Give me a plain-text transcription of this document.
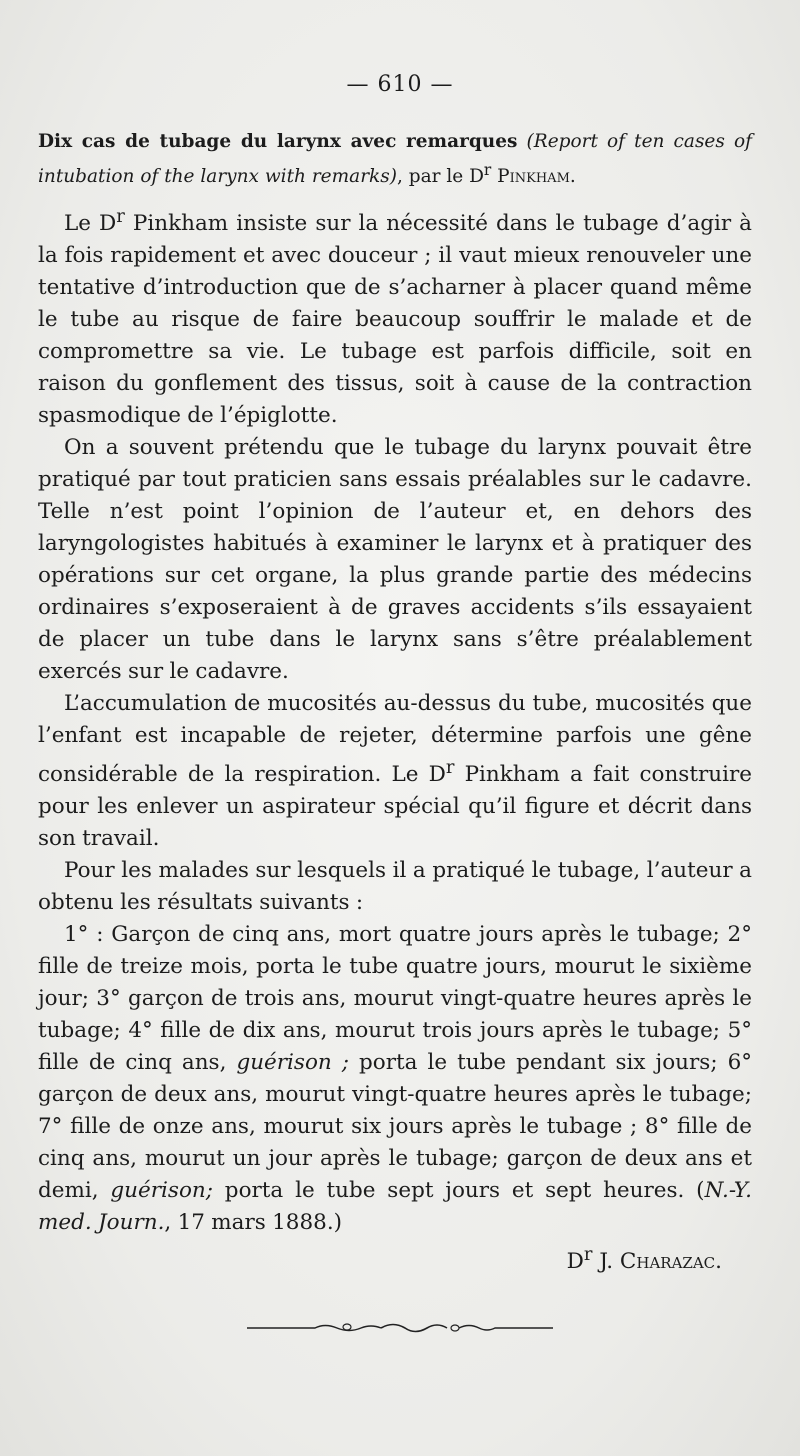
— 610 —
Dix cas de tubage du larynx avec remarques (Report of ten cases of intubation of the larynx with remarks), par le $D^r$ Pinkham.

Le $D^r$ Pinkham insiste sur la nécessité dans le tubage d’agir à la fois rapidement et avec douceur ; il vaut mieux renouveler une tentative d’introduction que de s’acharner à placer quand même le tube au risque de faire beaucoup souffrir le malade et de compromettre sa vie. Le tubage est parfois difficile, soit en raison du gonflement des tissus, soit à cause de la contraction spasmodique de l’épiglotte.

On a souvent prétendu que le tubage du larynx pouvait être pratiqué par tout praticien sans essais préalables sur le cadavre. Telle n’est point l’opinion de l’auteur et, en dehors des laryngologistes habitués à examiner le larynx et à pratiquer des opérations sur cet organe, la plus grande partie des médecins ordinaires s’exposeraient à de graves accidents s’ils essayaient de placer un tube dans le larynx sans s’être préalablement exercés sur le cadavre.

L’accumulation de mucosités au-dessus du tube, mucosités que l’enfant est incapable de rejeter, détermine parfois une gêne considérable de la respiration. Le $D^r$ Pinkham a fait construire pour les enlever un aspirateur spécial qu’il figure et décrit dans son travail.

Pour les malades sur lesquels il a pratiqué le tubage, l’auteur a obtenu les résultats suivants :

1° : Garçon de cinq ans, mort quatre jours après le tubage; 2° fille de treize mois, porta le tube quatre jours, mourut le sixième jour; 3° garçon de trois ans, mourut vingt-quatre heures après le tubage; 4° fille de dix ans, mourut trois jours après le tubage; 5° fille de cinq ans, guérison ; porta le tube pendant six jours; 6° garçon de deux ans, mourut vingt-quatre heures après le tubage; 7° fille de onze ans, mourut six jours après le tubage ; 8° fille de cinq ans, mourut un jour après le tubage; garçon de deux ans et demi, guérison; porta le tube sept jours et sept heures. (N.-Y. med. Journ., 17 mars 1888.)

$D^r$ J. Charazac.
